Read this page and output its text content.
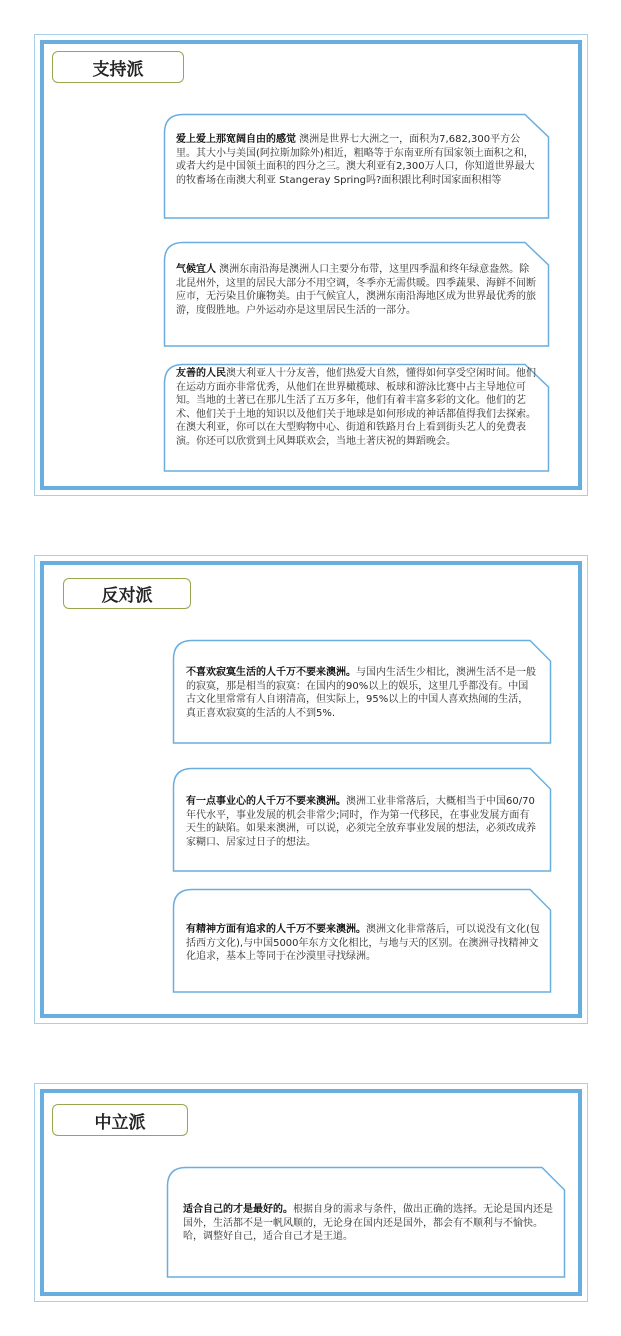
支持派
爱上爱上那宽阔自由的感觉 澳洲是世界七大洲之一，面积为7,682,300平方公里。其大小与美国(阿拉斯加除外)相近，粗略等于东南亚所有国家领土面积之和，或者大约是中国领土面积的四分之三。澳大利亚有2,300万人口，你知道世界最大的牧畜场在南澳大利亚 Stangeray Spring吗?面积跟比利时国家面积相等
气候宜人 澳洲东南沿海是澳洲人口主要分布带，这里四季温和终年绿意盎然。除北昆州外，这里的居民大部分不用空调，冬季亦无需供暖。四季蔬果、海鲜不间断应市，无污染且价廉物美。由于气候宜人，澳洲东南沿海地区成为世界最优秀的旅游，度假胜地。户外运动亦是这里居民生活的一部分。
友善的人民澳大利亚人十分友善，他们热爱大自然，懂得如何享受空闲时间。他们在运动方面亦非常优秀，从他们在世界橄榄球、板球和游泳比赛中占主导地位可知。当地的土著已在那儿生活了五万多年，他们有着丰富多彩的文化。他们的艺术、他们关于土地的知识以及他们关于地球是如何形成的神话都值得我们去探索。在澳大利亚，你可以在大型购物中心、街道和铁路月台上看到街头艺人的免费表演。你还可以欣赏到土风舞联欢会，当地土著庆祝的舞蹈晚会。
反对派
不喜欢寂寞生活的人千万不要来澳洲。与国内生活生少相比，澳洲生活不是一般的寂寞，那是相当的寂寞：在国内的90%以上的娱乐，这里几乎都没有。中国古文化里常常有人自诩清高，但实际上，95%以上的中国人喜欢热闹的生活，真正喜欢寂寞的生活的人不到5%.
有一点事业心的人千万不要来澳洲。澳洲工业非常落后，大概相当于中国60/70年代水平，事业发展的机会非常少;同时，作为第一代移民，在事业发展方面有天生的缺陷。如果来澳洲，可以说，必须完全放弃事业发展的想法，必须改成养家糊口、居家过日子的想法。
有精神方面有追求的人千万不要来澳洲。澳洲文化非常落后，可以说没有文化(包括西方文化),与中国5000年东方文化相比，与地与天的区别。在澳洲寻找精神文化追求，基本上等同于在沙漠里寻找绿洲。
中立派
适合自己的才是最好的。根据自身的需求与条件，做出正确的选择。无论是国内还是国外，生活都不是一帆风顺的，无论身在国内还是国外，都会有不顺利与不愉快。哈，调整好自己，适合自己才是王道。
